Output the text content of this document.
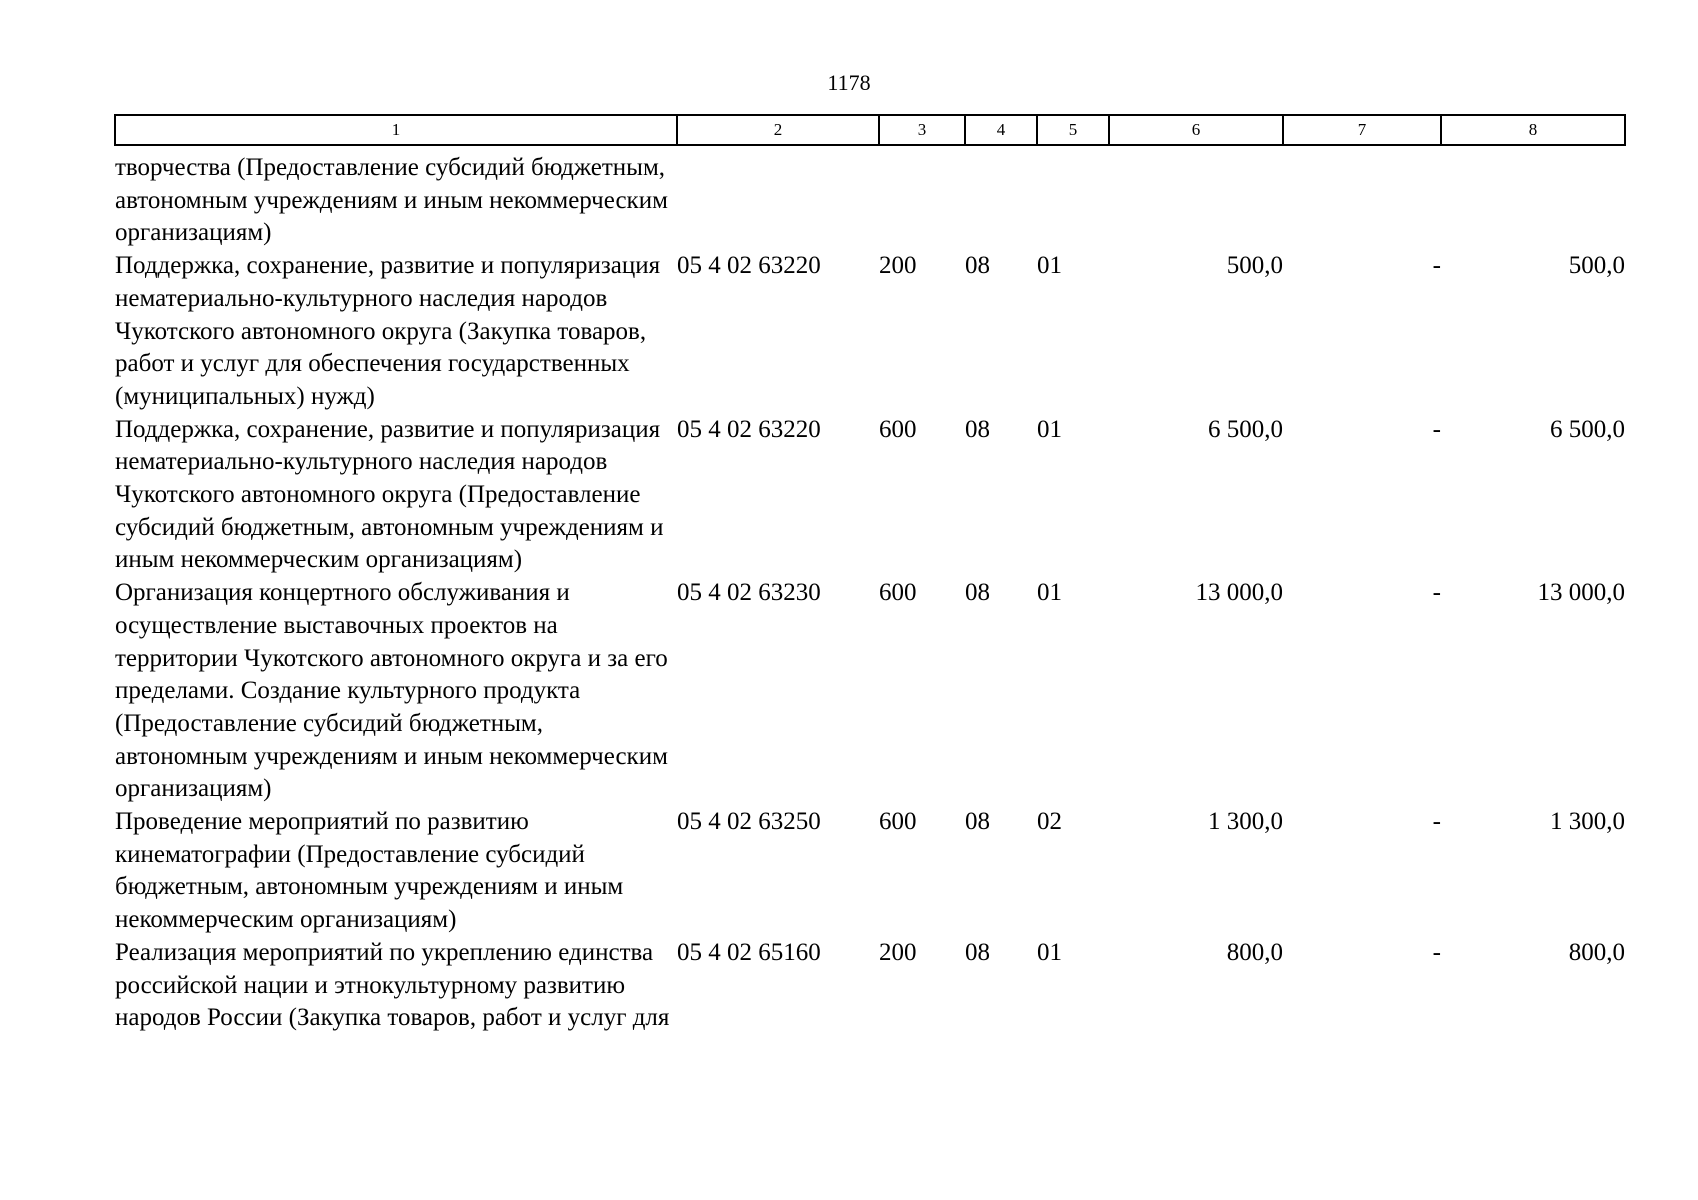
1178
1	2	3	4	5	6	7	8
творчества (Предоставление субсидий бюджетным, автономным учреждениям и иным некоммерческим организациям)							
Поддержка, сохранение, развитие и популяризация нематериально-культурного наследия народов Чукотского автономного округа (Закупка товаров, работ и услуг для обеспечения государственных (муниципальных) нужд)	05 4 02 63220	200	08	01	500,0	-	500,0
Поддержка, сохранение, развитие и популяризация нематериально-культурного наследия народов Чукотского автономного округа (Предоставление субсидий бюджетным, автономным учреждениям и иным некоммерческим организациям)	05 4 02 63220	600	08	01	6 500,0	-	6 500,0
Организация концертного обслуживания и осуществление выставочных проектов на территории Чукотского автономного округа и за его пределами. Создание культурного продукта (Предоставление субсидий бюджетным, автономным учреждениям и иным некоммерческим организациям)	05 4 02 63230	600	08	01	13 000,0	-	13 000,0
Проведение мероприятий по развитию кинематографии (Предоставление субсидий бюджетным, автономным учреждениям и иным некоммерческим организациям)	05 4 02 63250	600	08	02	1 300,0	-	1 300,0
Реализация мероприятий по укреплению единства российской нации и этнокультурному развитию народов России (Закупка товаров, работ и услуг для	05 4 02 65160	200	08	01	800,0	-	800,0
